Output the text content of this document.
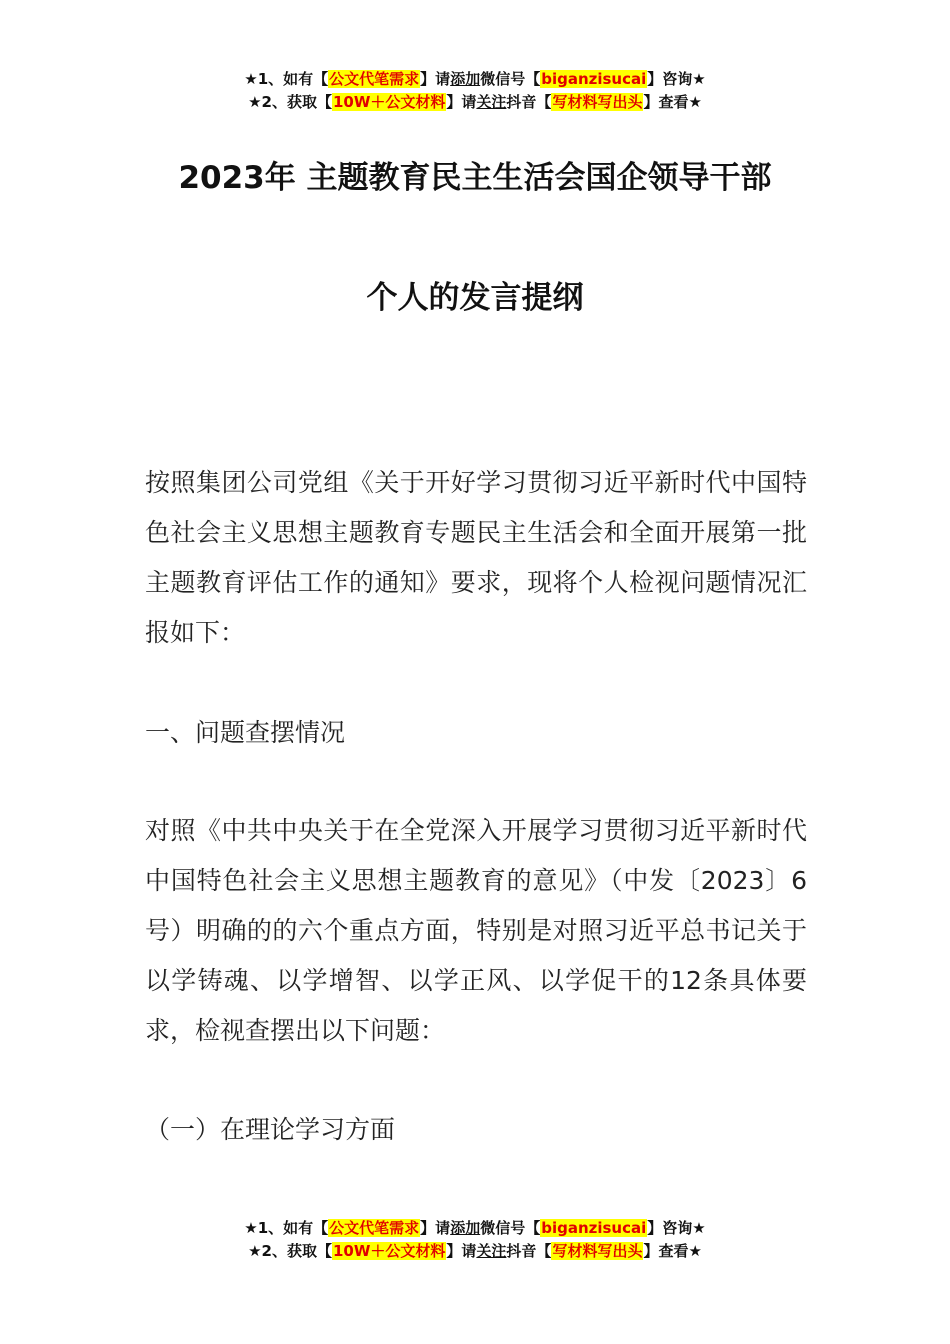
★1、如有【公文代笔需求】请添加微信号【biganzisucai】咨询★
★2、获取【10W＋公文材料】请关注抖音【写材料写出头】查看★
2023年 主题教育民主生活会国企领导干部
个人的发言提纲
按照集团公司党组《关于开好学习贯彻习近平新时代中国特色社会主义思想主题教育专题民主生活会和全面开展第一批主题教育评估工作的通知》要求，现将个人检视问题情况汇报如下：
一、问题查摆情况
对照《中共中央关于在全党深入开展学习贯彻习近平新时代中国特色社会主义思想主题教育的意见》（中发〔2023〕6号）明确的的六个重点方面，特别是对照习近平总书记关于以学铸魂、以学增智、以学正风、以学促干的12条具体要求，检视查摆出以下问题：
（一）在理论学习方面
★1、如有【公文代笔需求】请添加微信号【biganzisucai】咨询★
★2、获取【10W＋公文材料】请关注抖音【写材料写出头】查看★
